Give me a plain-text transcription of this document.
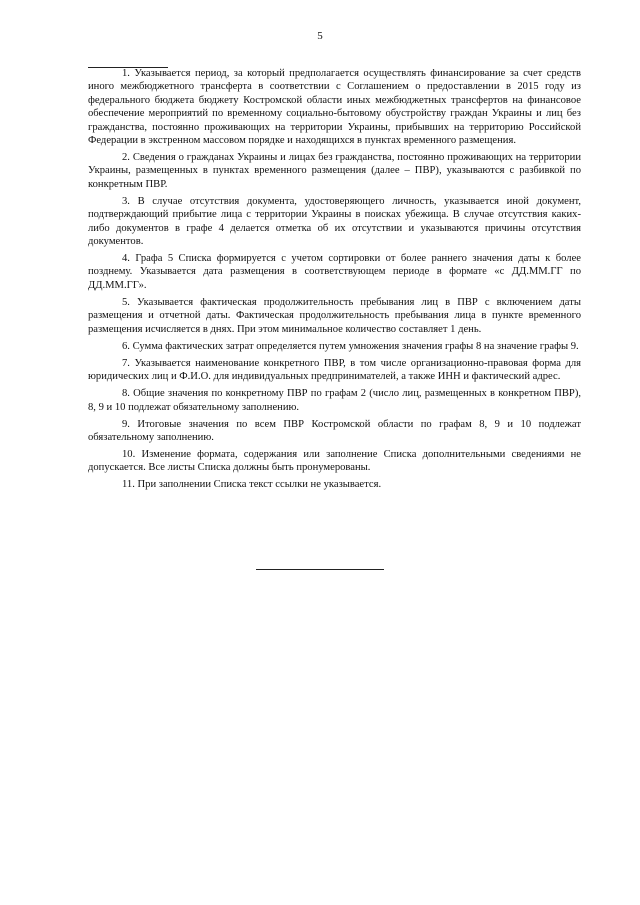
5

1. Указывается период, за который предполагается осуществлять финансирование за счет средств иного межбюджетного трансферта в соответствии с Соглашением о предоставлении в 2015 году из федерального бюджета бюджету Костромской области иных межбюджетных трансфертов на финансовое обеспечение мероприятий по временному социально-бытовому обустройству граждан Украины и лиц без гражданства, постоянно проживающих на территории Украины, прибывших на территорию Российской Федерации в экстренном массовом порядке и находящихся в пунктах временного размещения.

2. Сведения о гражданах Украины и лицах без гражданства, постоянно проживающих на территории Украины, размещенных в пунктах временного размещения (далее – ПВР), указываются с разбивкой по конкретным ПВР.

3. В случае отсутствия документа, удостоверяющего личность, указывается иной документ, подтверждающий прибытие лица с территории Украины в поисках убежища. В случае отсутствия каких-либо документов в графе 4 делается отметка об их отсутствии и указываются причины отсутствия документов.

4. Графа 5 Списка формируется с учетом сортировки от более раннего значения даты к более позднему. Указывается дата размещения в соответствующем периоде в формате «с ДД.ММ.ГГ по ДД.ММ.ГГ».

5. Указывается фактическая продолжительность пребывания лиц в ПВР с включением даты размещения и отчетной даты. Фактическая продолжительность пребывания лица в пункте временного размещения исчисляется в днях. При этом минимальное количество составляет 1 день.

6. Сумма фактических затрат определяется путем умножения значения графы 8 на значение графы 9.

7. Указывается наименование конкретного ПВР, в том числе организационно-правовая форма для юридических лиц и Ф.И.О. для индивидуальных предпринимателей, а также ИНН и фактический адрес.

8. Общие значения по конкретному ПВР по графам 2 (число лиц, размещенных в конкретном ПВР), 8, 9 и 10 подлежат обязательному заполнению.

9. Итоговые значения по всем ПВР Костромской области по графам 8, 9 и 10 подлежат обязательному заполнению.

10. Изменение формата, содержания или заполнение Списка дополнительными сведениями не допускается. Все листы Списка должны быть пронумерованы.

11. При заполнении Списка текст ссылки не указывается.
